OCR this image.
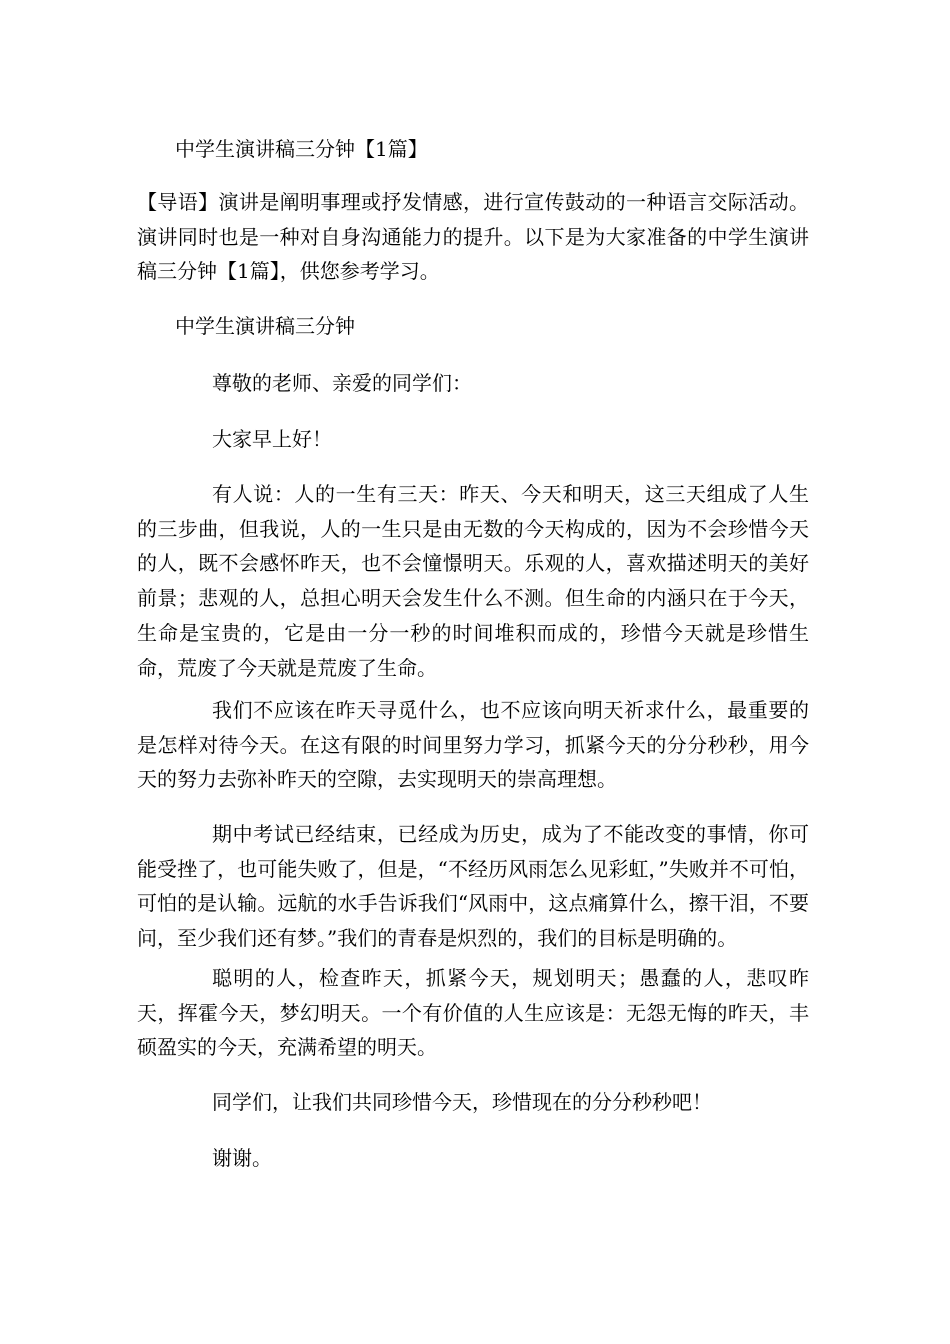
中学生演讲稿三分钟【1篇】
【导语】演讲是阐明事理或抒发情感，进行宣传鼓动的一种语言交际活动。演讲同时也是一种对自身沟通能力的提升。以下是为大家准备的中学生演讲稿三分钟【1篇】，供您参考学习。
中学生演讲稿三分钟
尊敬的老师、亲爱的同学们：
大家早上好！
有人说：人的一生有三天：昨天、今天和明天，这三天组成了人生的三步曲，但我说，人的一生只是由无数的今天构成的，因为不会珍惜今天的人，既不会感怀昨天，也不会憧憬明天。乐观的人，喜欢描述明天的美好前景；悲观的人，总担心明天会发生什么不测。但生命的内涵只在于今天，生命是宝贵的，它是由一分一秒的时间堆积而成的，珍惜今天就是珍惜生命，荒废了今天就是荒废了生命。
我们不应该在昨天寻觅什么，也不应该向明天祈求什么，最重要的是怎样对待今天。在这有限的时间里努力学习，抓紧今天的分分秒秒，用今天的努力去弥补昨天的空隙，去实现明天的崇高理想。
期中考试已经结束，已经成为历史，成为了不能改变的事情，你可能受挫了，也可能失败了，但是，“不经历风雨怎么见彩虹，”失败并不可怕，可怕的是认输。远航的水手告诉我们“风雨中，这点痛算什么，擦干泪，不要问，至少我们还有梦。”我们的青春是炽烈的，我们的目标是明确的。
聪明的人，检查昨天，抓紧今天，规划明天；愚蠢的人，悲叹昨天，挥霍今天，梦幻明天。一个有价值的人生应该是：无怨无悔的昨天，丰硕盈实的今天，充满希望的明天。
同学们，让我们共同珍惜今天，珍惜现在的分分秒秒吧！
谢谢。
